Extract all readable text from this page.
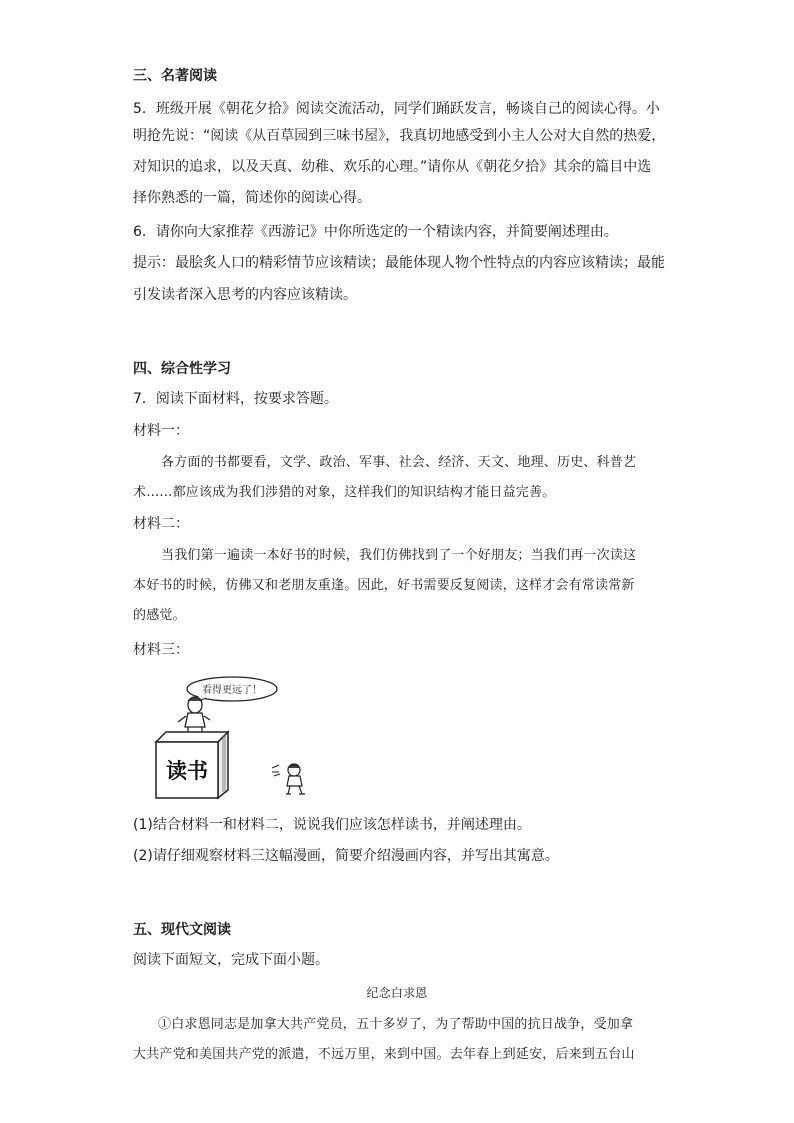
三、名著阅读
5．班级开展《朝花夕拾》阅读交流活动，同学们踊跃发言，畅谈自己的阅读心得。小
明抢先说：“阅读《从百草园到三味书屋》，我真切地感受到小主人公对大自然的热爱，
对知识的追求，以及天真、幼稚、欢乐的心理。”请你从《朝花夕拾》其余的篇目中选
择你熟悉的一篇，简述你的阅读心得。
6．请你向大家推荐《西游记》中你所选定的一个精读内容，并简要阐述理由。
提示：最脍炙人口的精彩情节应该精读；最能体现人物个性特点的内容应该精读；最能
引发读者深入思考的内容应该精读。
四、综合性学习
7．阅读下面材料，按要求答题。
材料一：
各方面的书都要看，文学、政治、军事、社会、经济、天文、地理、历史、科普艺
术……都应该成为我们涉猎的对象，这样我们的知识结构才能日益完善。
材料二：
当我们第一遍读一本好书的时候，我们仿佛找到了一个好朋友；当我们再一次读这
本好书的时候，仿佛又和老朋友重逢。因此，好书需要反复阅读，这样才会有常读常新
的感觉。
材料三：
看得更远了！
读书
(1)结合材料一和材料二，说说我们应该怎样读书，并阐述理由。
(2)请仔细观察材料三这幅漫画，简要介绍漫画内容，并写出其寓意。
五、现代文阅读
阅读下面短文，完成下面小题。
纪念白求恩
①白求恩同志是加拿大共产党员，五十多岁了，为了帮助中国的抗日战争，受加拿
大共产党和美国共产党的派遣，不远万里，来到中国。去年春上到延安，后来到五台山
